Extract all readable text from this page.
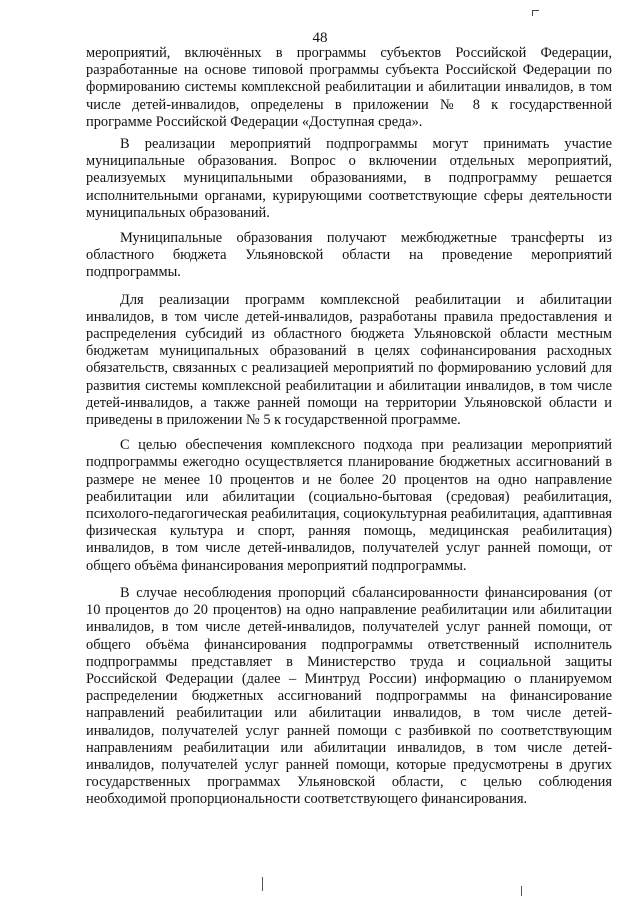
48

мероприятий, включённых в программы субъектов Российской Федерации, разработанные на основе типовой программы субъекта Российской Федерации по формированию системы комплексной реабилитации и абилитации инвалидов, в том числе детей-инвалидов, определены в приложении № 8 к государственной программе Российской Федерации «Доступная среда».

В реализации мероприятий подпрограммы могут принимать участие муниципальные образования. Вопрос о включении отдельных мероприятий, реализуемых муниципальными образованиями, в подпрограмму решается исполнительными органами, курирующими соответствующие сферы деятельности муниципальных образований.

Муниципальные образования получают межбюджетные трансферты из областного бюджета Ульяновской области на проведение мероприятий подпрограммы.

Для реализации программ комплексной реабилитации и абилитации инвалидов, в том числе детей-инвалидов, разработаны правила предоставления и распределения субсидий из областного бюджета Ульяновской области местным бюджетам муниципальных образований в целях софинансирования расходных обязательств, связанных с реализацией мероприятий по формированию условий для развития системы комплексной реабилитации и абилитации инвалидов, в том числе детей-инвалидов, а также ранней помощи на территории Ульяновской области и приведены в приложении № 5 к государственной программе.

С целью обеспечения комплексного подхода при реализации мероприятий подпрограммы ежегодно осуществляется планирование бюджетных ассигнований в размере не менее 10 процентов и не более 20 процентов на одно направление реабилитации или абилитации (социально-бытовая (средовая) реабилитация, психолого-педагогическая реабилитация, социокультурная реабилитация, адаптивная физическая культура и спорт, ранняя помощь, медицинская реабилитация) инвалидов, в том числе детей-инвалидов, получателей услуг ранней помощи, от общего объёма финансирования мероприятий подпрограммы.

В случае несоблюдения пропорций сбалансированности финансирования (от 10 процентов до 20 процентов) на одно направление реабилитации или абилитации инвалидов, в том числе детей-инвалидов, получателей услуг ранней помощи, от общего объёма финансирования подпрограммы ответственный исполнитель подпрограммы представляет в Министерство труда и социальной защиты Российской Федерации (далее – Минтруд России) информацию о планируемом распределении бюджетных ассигнований подпрограммы на финансирование направлений реабилитации или абилитации инвалидов, в том числе детей-инвалидов, получателей услуг ранней помощи с разбивкой по соответствующим направлениям реабилитации или абилитации инвалидов, в том числе детей-инвалидов, получателей услуг ранней помощи, которые предусмотрены в других государственных программах Ульяновской области, с целью соблюдения необходимой пропорциональности соответствующего финансирования.
